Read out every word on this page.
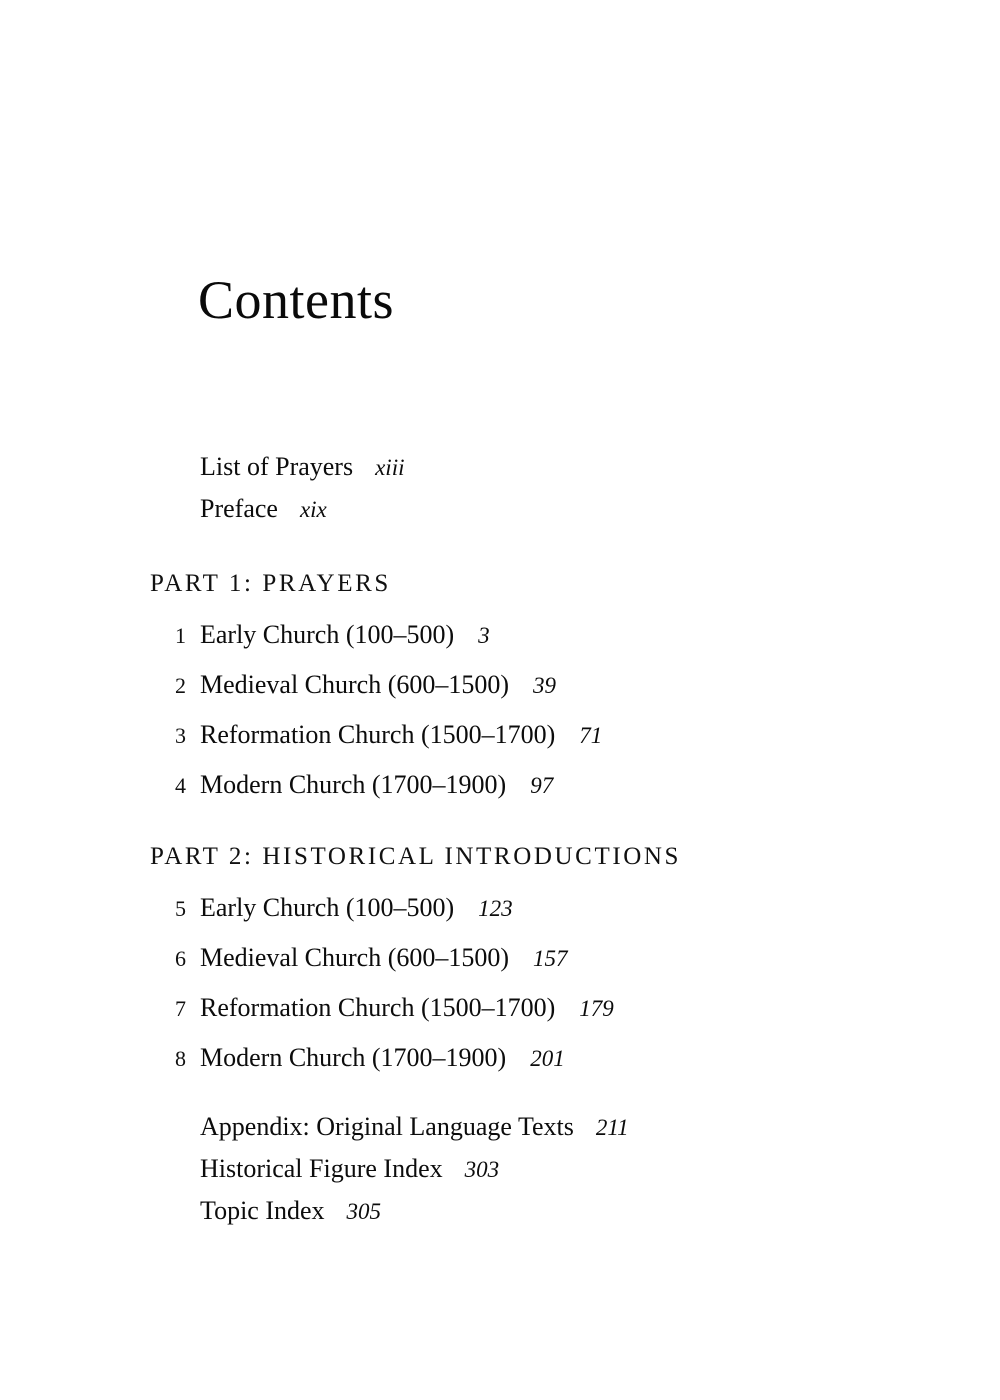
Contents
List of Prayers xiii
Preface xix
PART 1: PRAYERS
1 Early Church (100–500) 3
2 Medieval Church (600–1500) 39
3 Reformation Church (1500–1700) 71
4 Modern Church (1700–1900) 97
PART 2: HISTORICAL INTRODUCTIONS
5 Early Church (100–500) 123
6 Medieval Church (600–1500) 157
7 Reformation Church (1500–1700) 179
8 Modern Church (1700–1900) 201
Appendix: Original Language Texts 211
Historical Figure Index 303
Topic Index 305
